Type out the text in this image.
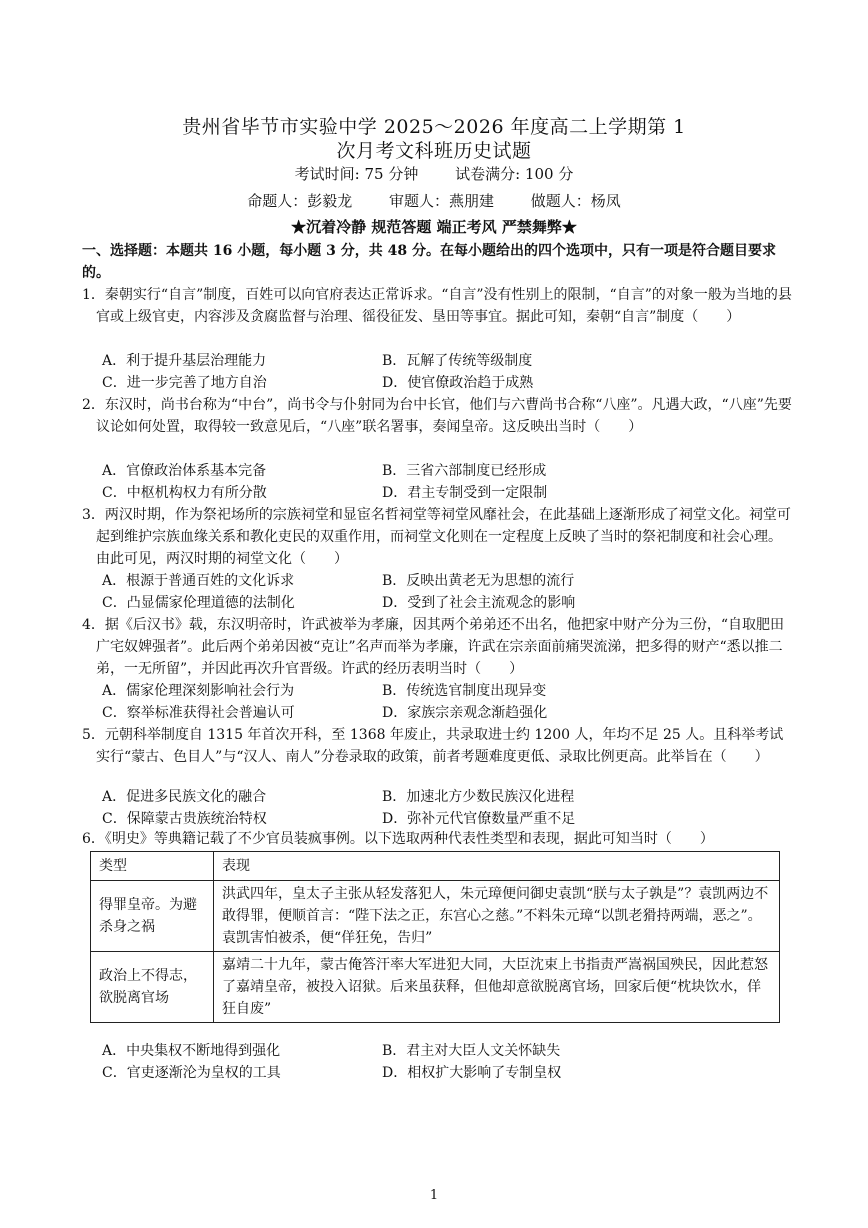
贵州省毕节市实验中学 2025～2026 年度高二上学期第 1
次月考文科班历史试题
考试时间: 75 分钟 试卷满分: 100 分
命题人：彭毅龙 审题人：燕朋建 做题人：杨凤
★沉着冷静 规范答题 端正考风 严禁舞弊★
一、选择题：本题共 16 小题，每小题 3 分，共 48 分。在每小题给出的四个选项中，只有一项是符合题目要求的。

1．秦朝实行“自言”制度，百姓可以向官府表达正常诉求。“自言”没有性别上的限制，“自言”的对象一般为当地的县官或上级官吏，内容涉及贪腐监督与治理、徭役征发、垦田等事宜。据此可知，秦朝“自言”制度（　　）

A．利于提升基层治理能力	B．瓦解了传统等级制度
C．进一步完善了地方自治	D．使官僚政治趋于成熟

2．东汉时，尚书台称为“中台”，尚书令与仆射同为台中长官，他们与六曹尚书合称“八座”。凡遇大政，“八座”先要议论如何处置，取得较一致意见后，“八座”联名署事，奏闻皇帝。这反映出当时（　　）

A．官僚政治体系基本完备	B．三省六部制度已经形成
C．中枢机构权力有所分散	D．君主专制受到一定限制

3．两汉时期，作为祭祀场所的宗族祠堂和显宦名哲祠堂等祠堂风靡社会，在此基础上逐渐形成了祠堂文化。祠堂可起到维护宗族血缘关系和教化吏民的双重作用，而祠堂文化则在一定程度上反映了当时的祭祀制度和社会心理。由此可见，两汉时期的祠堂文化（　　）

A．根源于普通百姓的文化诉求	B．反映出黄老无为思想的流行
C．凸显儒家伦理道德的法制化	D．受到了社会主流观念的影响

4．据《后汉书》载，东汉明帝时，许武被举为孝廉，因其两个弟弟还不出名，他把家中财产分为三份，“自取肥田广宅奴婢强者”。此后两个弟弟因被“克让”名声而举为孝廉，许武在宗亲面前痛哭流涕，把多得的财产“悉以推二弟，一无所留”，并因此再次升官晋级。许武的经历表明当时（　　）

A．儒家伦理深刻影响社会行为	B．传统选官制度出现异变
C．察举标准获得社会普遍认可	D．家族宗亲观念渐趋强化

5．元朝科举制度自 1315 年首次开科，至 1368 年废止，共录取进士约 1200 人，年均不足 25 人。且科举考试实行“蒙古、色目人”与“汉人、南人”分卷录取的政策，前者考题难度更低、录取比例更高。此举旨在（　　）

A．促进多民族文化的融合	B．加速北方少数民族汉化进程
C．保障蒙古贵族统治特权	D．弥补元代官僚数量严重不足

6．《明史》等典籍记载了不少官员装疯事例。以下选取两种代表性类型和表现，据此可知当时（　　）

类型	表现
得罪皇帝。为避杀身之祸	洪武四年，皇太子主张从轻发落犯人，朱元璋便问御史袁凯“朕与太子孰是”？袁凯两边不敢得罪，便顺首言：“陛下法之正，东宫心之慈。”不料朱元璋“以凯老猾持两端，恶之”。袁凯害怕被杀，便“佯狂免，告归”
政治上不得志，欲脱离官场	嘉靖二十九年，蒙古俺答汗率大军进犯大同，大臣沈束上书指责严嵩祸国殃民，因此惹怒了嘉靖皇帝，被投入诏狱。后来虽获释，但他却意欲脱离官场，回家后便“枕块饮水，佯狂自废”
A．中央集权不断地得到强化	B．君主对大臣人文关怀缺失
C．官吏逐渐沦为皇权的工具	D．相权扩大影响了专制皇权
1
